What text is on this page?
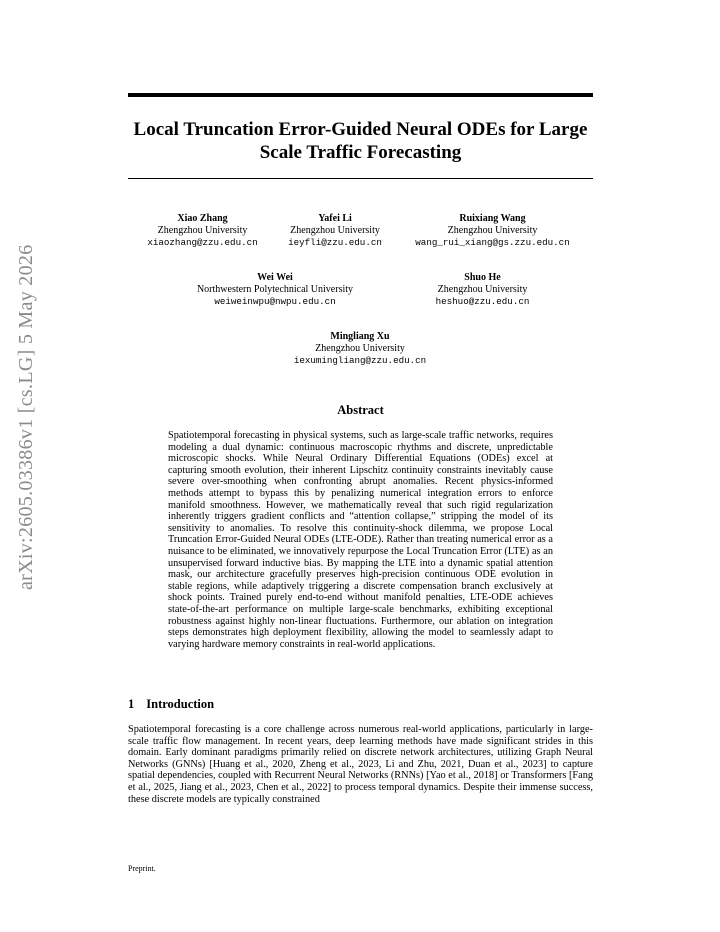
arXiv:2605.03386v1 [cs.LG] 5 May 2026
Local Truncation Error-Guided Neural ODEs for Large Scale Traffic Forecasting
Xiao Zhang
Zhengzhou University
xiaozhang@zzu.edu.cn
Yafei Li
Zhengzhou University
ieyfli@zzu.edu.cn
Ruixiang Wang
Zhengzhou University
wang_rui_xiang@gs.zzu.edu.cn
Wei Wei
Northwestern Polytechnical University
weiweinwpu@nwpu.edu.cn
Shuo He
Zhengzhou University
heshuo@zzu.edu.cn
Mingliang Xu
Zhengzhou University
iexumingliang@zzu.edu.cn
Abstract
Spatiotemporal forecasting in physical systems, such as large-scale traffic networks, requires modeling a dual dynamic: continuous macroscopic rhythms and discrete, unpredictable microscopic shocks. While Neural Ordinary Differential Equations (ODEs) excel at capturing smooth evolution, their inherent Lipschitz continuity constraints inevitably cause severe over-smoothing when confronting abrupt anomalies. Recent physics-informed methods attempt to bypass this by penalizing numerical integration errors to enforce manifold smoothness. However, we mathematically reveal that such rigid regularization inherently triggers gradient conflicts and “attention collapse,” stripping the model of its sensitivity to anomalies. To resolve this continuity-shock dilemma, we propose Local Truncation Error-Guided Neural ODEs (LTE-ODE). Rather than treating numerical error as a nuisance to be eliminated, we innovatively repurpose the Local Truncation Error (LTE) as an unsupervised forward inductive bias. By mapping the LTE into a dynamic spatial attention mask, our architecture gracefully preserves high-precision continuous ODE evolution in stable regions, while adaptively triggering a discrete compensation branch exclusively at shock points. Trained purely end-to-end without manifold penalties, LTE-ODE achieves state-of-the-art performance on multiple large-scale benchmarks, exhibiting exceptional robustness against highly non-linear fluctuations. Furthermore, our ablation on integration steps demonstrates high deployment flexibility, allowing the model to seamlessly adapt to varying hardware memory constraints in real-world applications.
1 Introduction
Spatiotemporal forecasting is a core challenge across numerous real-world applications, particularly in large-scale traffic flow management. In recent years, deep learning methods have made significant strides in this domain. Early dominant paradigms primarily relied on discrete network architectures, utilizing Graph Neural Networks (GNNs) [Huang et al., 2020, Zheng et al., 2023, Li and Zhu, 2021, Duan et al., 2023] to capture spatial dependencies, coupled with Recurrent Neural Networks (RNNs) [Yao et al., 2018] or Transformers [Fang et al., 2025, Jiang et al., 2023, Chen et al., 2022] to process temporal dynamics. Despite their immense success, these discrete models are typically constrained
Preprint.
